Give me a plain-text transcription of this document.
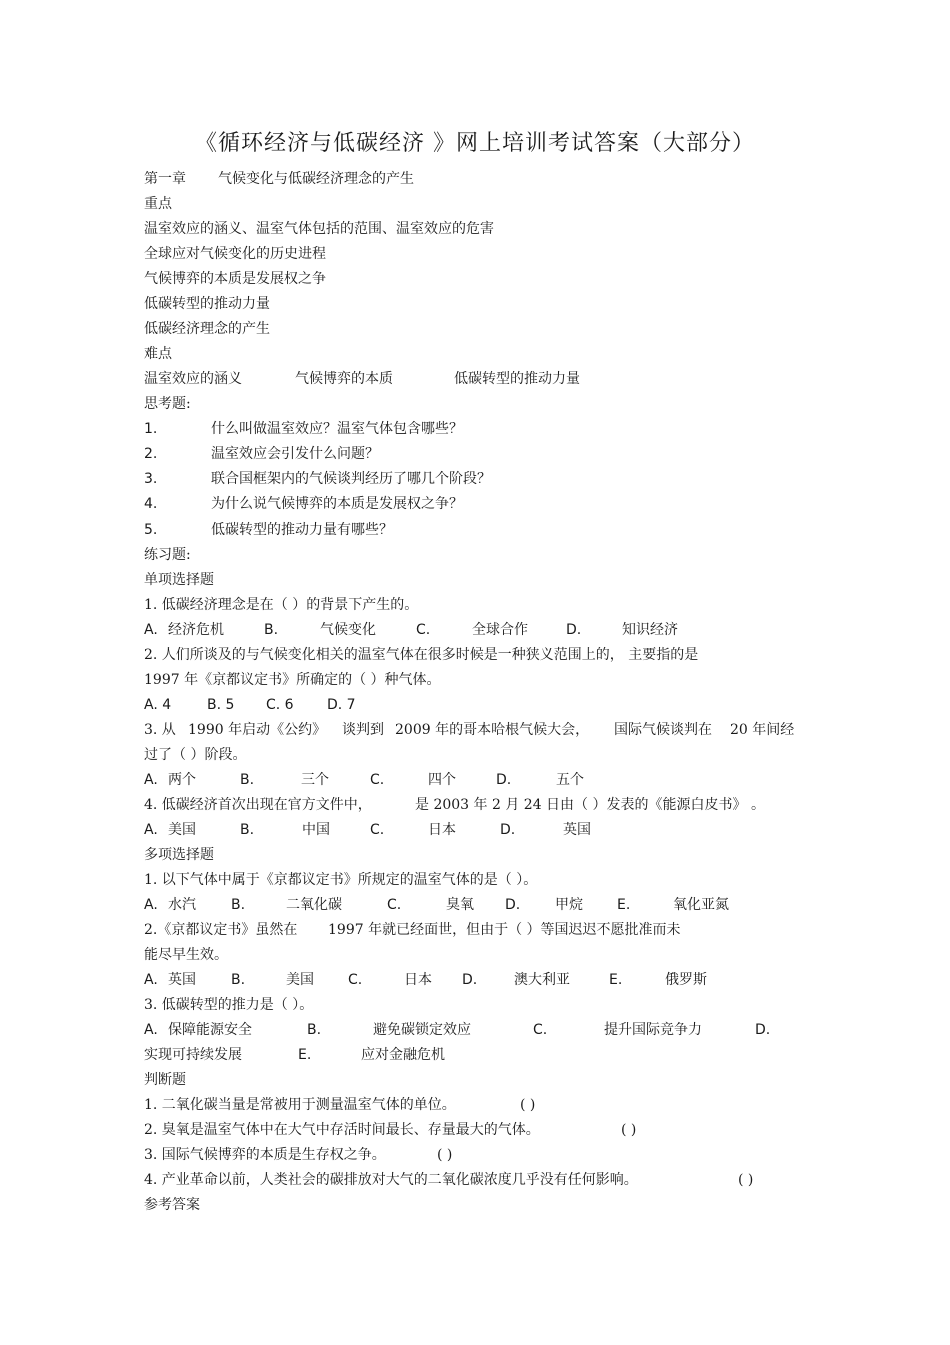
《循环经济与低碳经济 》网上培训考试答案（大部分）
第一章 气候变化与低碳经济理念的产生
重点
温室效应的涵义、温室气体包括的范围、温室效应的危害
全球应对气候变化的历史进程
气候博弈的本质是发展权之争
低碳转型的推动力量
低碳经济理念的产生
难点
温室效应的涵义	气候博弈的本质	低碳转型的推动力量
思考题:
1.	什么叫做温室效应？温室气体包含哪些？
2.	温室效应会引发什么问题？
3.	联合国框架内的气候谈判经历了哪几个阶段？
4.	为什么说气候博弈的本质是发展权之争？
5.	低碳转型的推动力量有哪些？
练习题:
单项选择题
1. 低碳经济理念是在（ ）的背景下产生的。
A. 经济危机	B.	气候变化	C.	全球合作	D.	知识经济
2. 人们所谈及的与气候变化相关的温室气体在很多时候是一种狭义范围上的， 主要指的是
1997 年《京都议定书》所确定的（ ）种气体。
A. 4	B. 5 C. 6 D. 7
3. 从 1990 年启动《公约》 谈判到 2009 年的哥本哈根气候大会， 国际气候谈判在 20 年间经
过了（ ）阶段。
A. 两个	B.	三个	C.	四个	D.	五个
4. 低碳经济首次出现在官方文件中，	是 2003 年 2 月 24 日由（ ）发表的《能源白皮书》 。
A. 美国	B.	中国	C.	日本	D.	英国
多项选择题
1. 以下气体中属于《京都议定书》所规定的温室气体的是（ ）。
A. 水汽	B.	二氧化碳	C.	臭氧 D. 甲烷 E.	氧化亚氮
2.《京都议定书》虽然在 1997 年就已经面世，但由于（ ）等国迟迟不愿批准而未
能尽早生效。
A. 英国	B.	美国 C.	日本 D.	澳大利亚	E.	俄罗斯
3. 低碳转型的推力是（ ）。
A. 保障能源安全	B.	避免碳锁定效应	C.	提升国际竞争力	D.
实现可持续发展	E.	应对金融危机
判断题
1. 二氧化碳当量是常被用于测量温室气体的单位。	( )
2. 臭氧是温室气体中在大气中存活时间最长、存量最大的气体。	( )
3. 国际气候博弈的本质是生存权之争。	( )
4. 产业革命以前，人类社会的碳排放对大气的二氧化碳浓度几乎没有任何影响。	( )
参考答案
